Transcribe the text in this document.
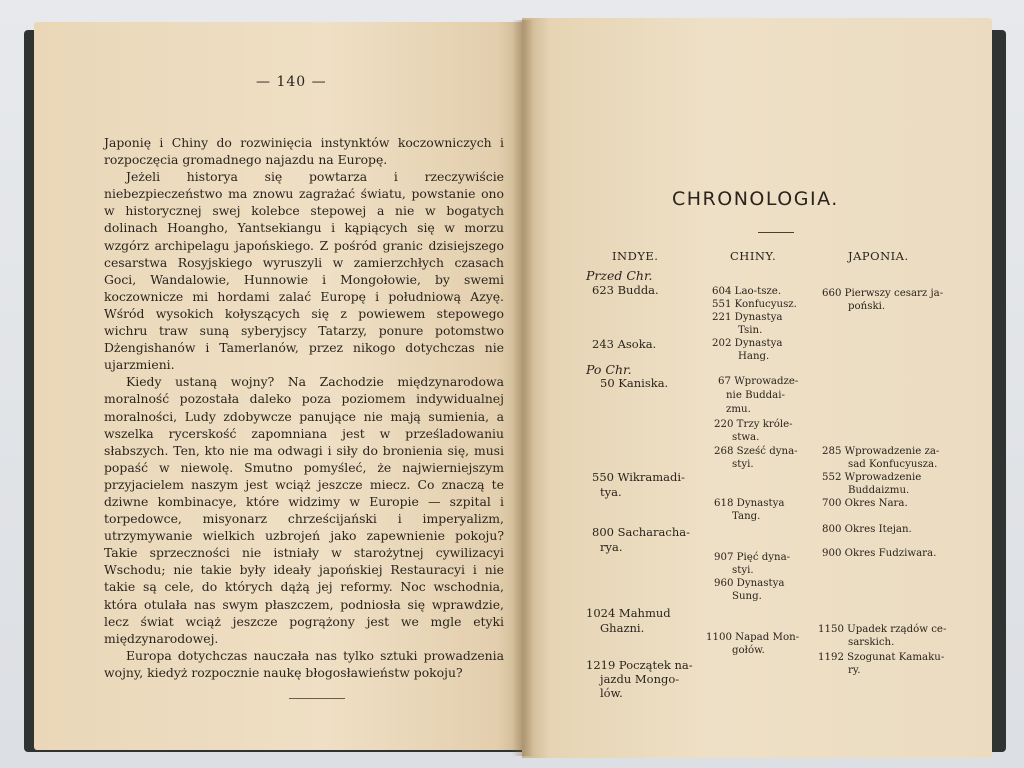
— 140 —

Japonię i Chiny do rozwinięcia instynktów koczowniczych i rozpoczęcia gromadnego najazdu na Europę.

Jeżeli historya się powtarza i rzeczywiście niebezpieczeństwo ma znowu zagrażać światu, powstanie ono w historycznej swej kolebce stepowej a nie w bogatych dolinach Hoangho, Yantsekiangu i kąpiących się w morzu wzgórz archipelagu japońskiego. Z pośród granic dzisiejszego cesarstwa Rosyjskiego wyruszyli w zamierzchłych czasach Goci, Wandalowie, Hunnowie i Mongołowie, by swemi koczownicze mi hordami zalać Europę i południową Azyę. Wśród wysokich kołyszących się z powiewem stepowego wichru traw suną syberyjscy Tatarzy, ponure potomstwo Dżengishanów i Tamerlanów, przez nikogo dotychczas nie ujarzmieni.

Kiedy ustaną wojny? Na Zachodzie międzynarodowa moralność pozostała daleko poza poziomem indywidualnej moralności, Ludy zdobywcze panujące nie mają sumienia, a wszelka rycerskość zapomniana jest w prześladowaniu słabszych. Ten, kto nie ma odwagi i siły do bronienia się, musi popaść w niewolę. Smutno pomyśleć, że najwierniejszym przyjacielem naszym jest wciąż jeszcze miecz. Co znaczą te dziwne kombinacye, które widzimy w Europie — szpital i torpedowce, misyonarz chrześcijański i imperyalizm, utrzymywanie wielkich uzbrojeń jako zapewnienie pokoju? Takie sprzeczności nie istniały w starożytnej cywilizacyi Wschodu; nie takie były ideały japońskiej Restauracyi i nie takie są cele, do których dążą jej reformy. Noc wschodnia, która otulała nas swym płaszczem, podniosła się wprawdzie, lecz świat wciąż jeszcze pogrążony jest we mgle etyki międzynarodowej.

Europa dotychczas nauczała nas tylko sztuki prowadzenia wojny, kiedyż rozpocznie naukę błogosławieństw pokoju?

CHRONOLOGIA.
INDYE.	CHINY.	JAPONIA.
Przed Chr.
623 Budda.
243 Asoka.
Po Chr.
50 Kaniska.
550 Wikramadi-
tya.
800 Sacharacha-
rya.
1024 Mahmud
Ghazni.
1219 Początek na-
jazdu Mongo-
lów.
604 Lao-tsze.
551 Konfucyusz.
221 Dynastya
Tsin.
202 Dynastya
Hang.
67 Wprowadze-
nie Buddai-
zmu.
220 Trzy króle-
stwa.
268 Sześć dyna-
styi.
618 Dynastya
Tang.
907 Pięć dyna-
styi.
960 Dynastya
Sung.
1100 Napad Mon-
gołów.
660 Pierwszy cesarz ja-
poński.
285 Wprowadzenie za-
sad Konfucyusza.
552 Wprowadzenie
Buddaizmu.
700 Okres Nara.
800 Okres Itejan.
900 Okres Fudziwara.
1150 Upadek rządów ce-
sarskich.
1192 Szogunat Kamaku-
ry.
